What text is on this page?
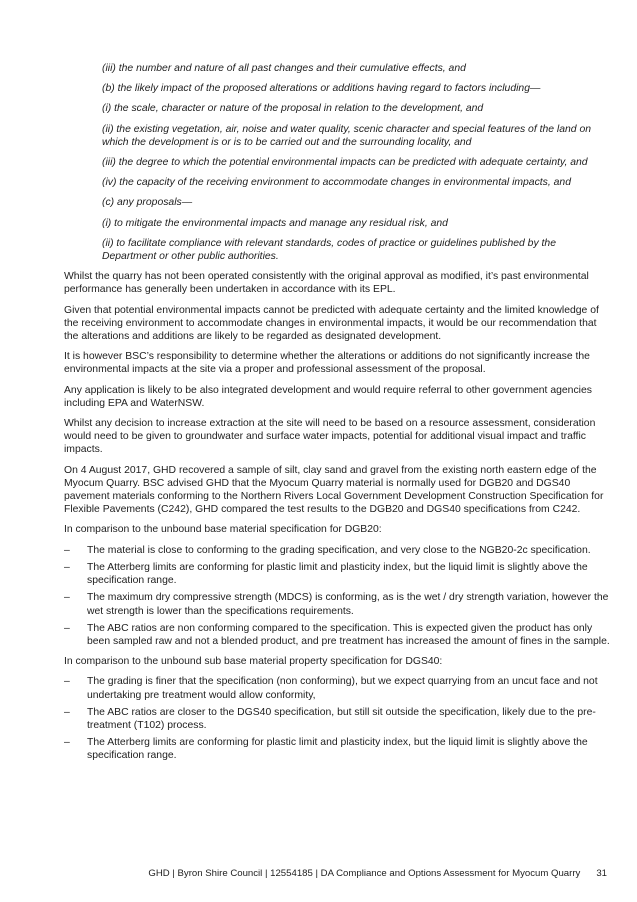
(iii) the number and nature of all past changes and their cumulative effects, and

(b) the likely impact of the proposed alterations or additions having regard to factors including—

(i) the scale, character or nature of the proposal in relation to the development, and

(ii) the existing vegetation, air, noise and water quality, scenic character and special features of the land on which the development is or is to be carried out and the surrounding locality, and

(iii) the degree to which the potential environmental impacts can be predicted with adequate certainty, and

(iv) the capacity of the receiving environment to accommodate changes in environmental impacts, and

(c) any proposals—

(i) to mitigate the environmental impacts and manage any residual risk, and

(ii) to facilitate compliance with relevant standards, codes of practice or guidelines published by the Department or other public authorities.

Whilst the quarry has not been operated consistently with the original approval as modified, it’s past environmental performance has generally been undertaken in accordance with its EPL.

Given that potential environmental impacts cannot be predicted with adequate certainty and the limited knowledge of the receiving environment to accommodate changes in environmental impacts, it would be our recommendation that the alterations and additions are likely to be regarded as designated development.

It is however BSC’s responsibility to determine whether the alterations or additions do not significantly increase the environmental impacts at the site via a proper and professional assessment of the proposal.

Any application is likely to be also integrated development and would require referral to other government agencies including EPA and WaterNSW.

Whilst any decision to increase extraction at the site will need to be based on a resource assessment, consideration would need to be given to groundwater and surface water impacts, potential for additional visual impact and traffic impacts.

On 4 August 2017, GHD recovered a sample of silt, clay sand and gravel from the existing north eastern edge of the Myocum Quarry. BSC advised GHD that the Myocum Quarry material is normally used for DGB20 and DGS40 pavement materials conforming to the Northern Rivers Local Government Development Construction Specification for Flexible Pavements (C242), GHD compared the test results to the DGB20 and DGS40 specifications from C242.

In comparison to the unbound base material specification for DGB20:

– The material is close to conforming to the grading specification, and very close to the NGB20-2c specification.
– The Atterberg limits are conforming for plastic limit and plasticity index, but the liquid limit is slightly above the specification range.
– The maximum dry compressive strength (MDCS) is conforming, as is the wet / dry strength variation, however the wet strength is lower than the specifications requirements.
– The ABC ratios are non conforming compared to the specification. This is expected given the product has only been sampled raw and not a blended product, and pre treatment has increased the amount of fines in the sample.

In comparison to the unbound sub base material property specification for DGS40:

– The grading is finer that the specification (non conforming), but we expect quarrying from an uncut face and not undertaking pre treatment would allow conformity,
– The ABC ratios are closer to the DGS40 specification, but still sit outside the specification, likely due to the pre-treatment (T102) process.
– The Atterberg limits are conforming for plastic limit and plasticity index, but the liquid limit is slightly above the specification range.
GHD | Byron Shire Council | 12554185 | DA Compliance and Options Assessment for Myocum Quarry 31
